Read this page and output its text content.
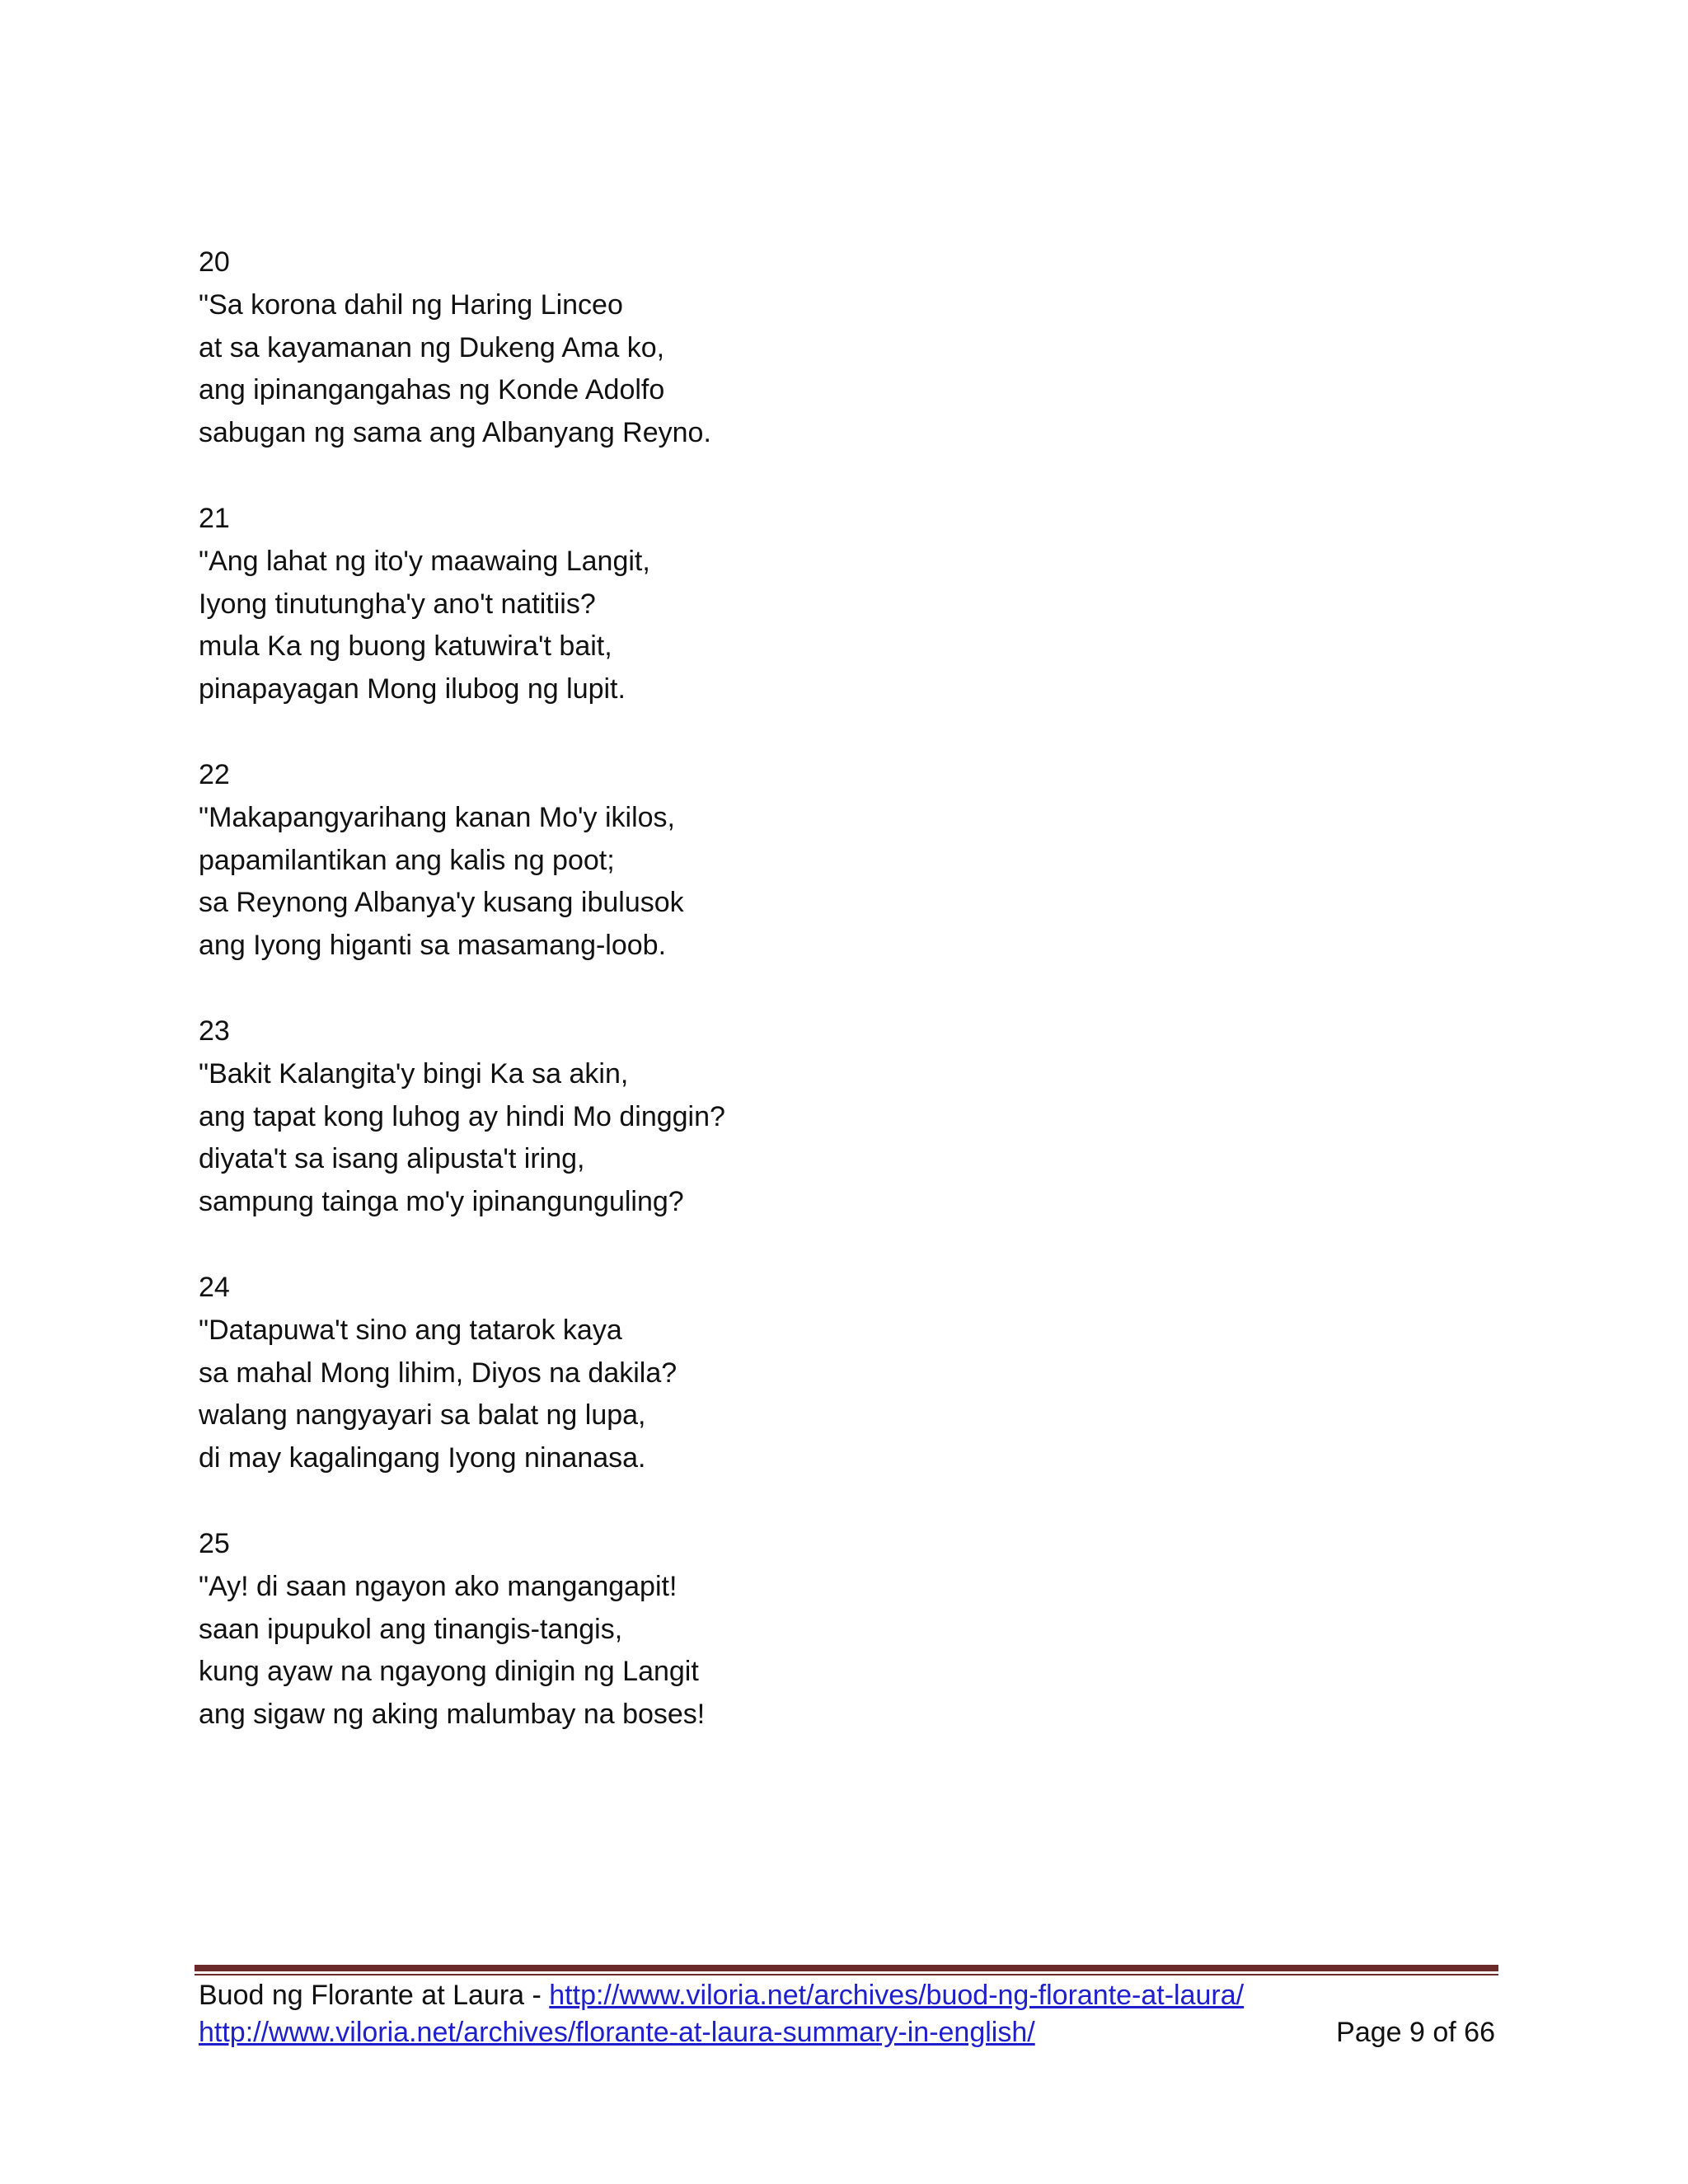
20
"Sa korona dahil ng Haring Linceo
at sa kayamanan ng Dukeng Ama ko,
ang ipinangangahas ng Konde Adolfo
sabugan ng sama ang Albanyang Reyno.
21
"Ang lahat ng ito'y maawaing Langit,
Iyong tinutungha'y ano't natitiis?
mula Ka ng buong katuwira't bait,
pinapayagan Mong ilubog ng lupit.
22
"Makapangyarihang kanan Mo'y ikilos,
papamilantikan ang kalis ng poot;
sa Reynong Albanya'y kusang ibulusok
ang Iyong higanti sa masamang-loob.
23
"Bakit Kalangita'y bingi Ka sa akin,
ang tapat kong luhog ay hindi Mo dinggin?
diyata't sa isang alipusta't iring,
sampung tainga mo'y ipinangunguling?
24
"Datapuwa't sino ang tatarok kaya
sa mahal Mong lihim, Diyos na dakila?
walang nangyayari sa balat ng lupa,
di may kagalingang Iyong ninanasa.
25
"Ay! di saan ngayon ako mangangapit!
saan ipupukol ang tinangis-tangis,
kung ayaw na ngayong dinigin ng Langit
ang sigaw ng aking malumbay na boses!
Buod ng Florante at Laura - http://www.viloria.net/archives/buod-ng-florante-at-laura/
http://www.viloria.net/archives/florante-at-laura-summary-in-english/	Page 9 of 66
